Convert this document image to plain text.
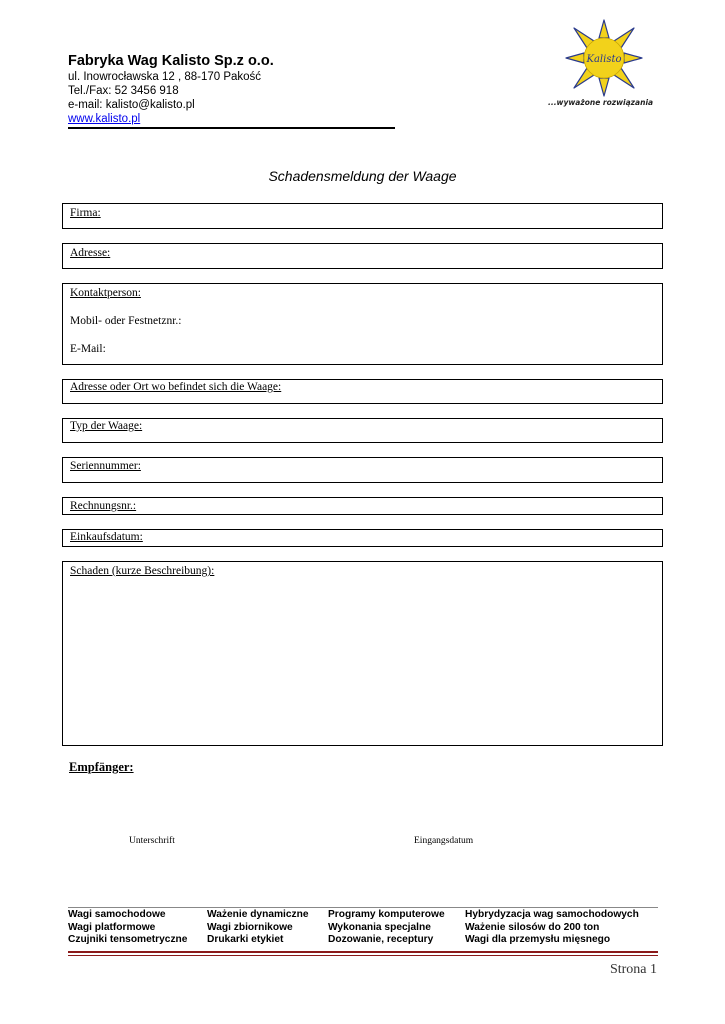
Fabryka Wag Kalisto Sp.z o.o.
ul. Inowrocławska 12 , 88-170 Pakość
Tel./Fax: 52 3456 918
e-mail: kalisto@kalisto.pl
www.kalisto.pl
Kalisto
...wyważone rozwiązania
Schadensmeldung der Waage
Firma:
Adresse:
Kontaktperson:
Mobil- oder Festnetznr.:
E-Mail:
Adresse oder Ort wo befindet sich die Waage:
Typ der Waage:
Seriennummer:
Rechnungsnr.:
Einkaufsdatum:
Schaden (kurze Beschreibung):
Empfänger:
Unterschrift	Eingangsdatum
Wagi samochodowe
Wagi platformowe
Czujniki tensometryczne
Ważenie dynamiczne
Wagi zbiornikowe
Drukarki etykiet
Programy komputerowe
Wykonania specjalne
Dozowanie, receptury
Hybrydyzacja wag samochodowych
Ważenie silosów do 200 ton
Wagi dla przemysłu mięsnego
Strona 1
